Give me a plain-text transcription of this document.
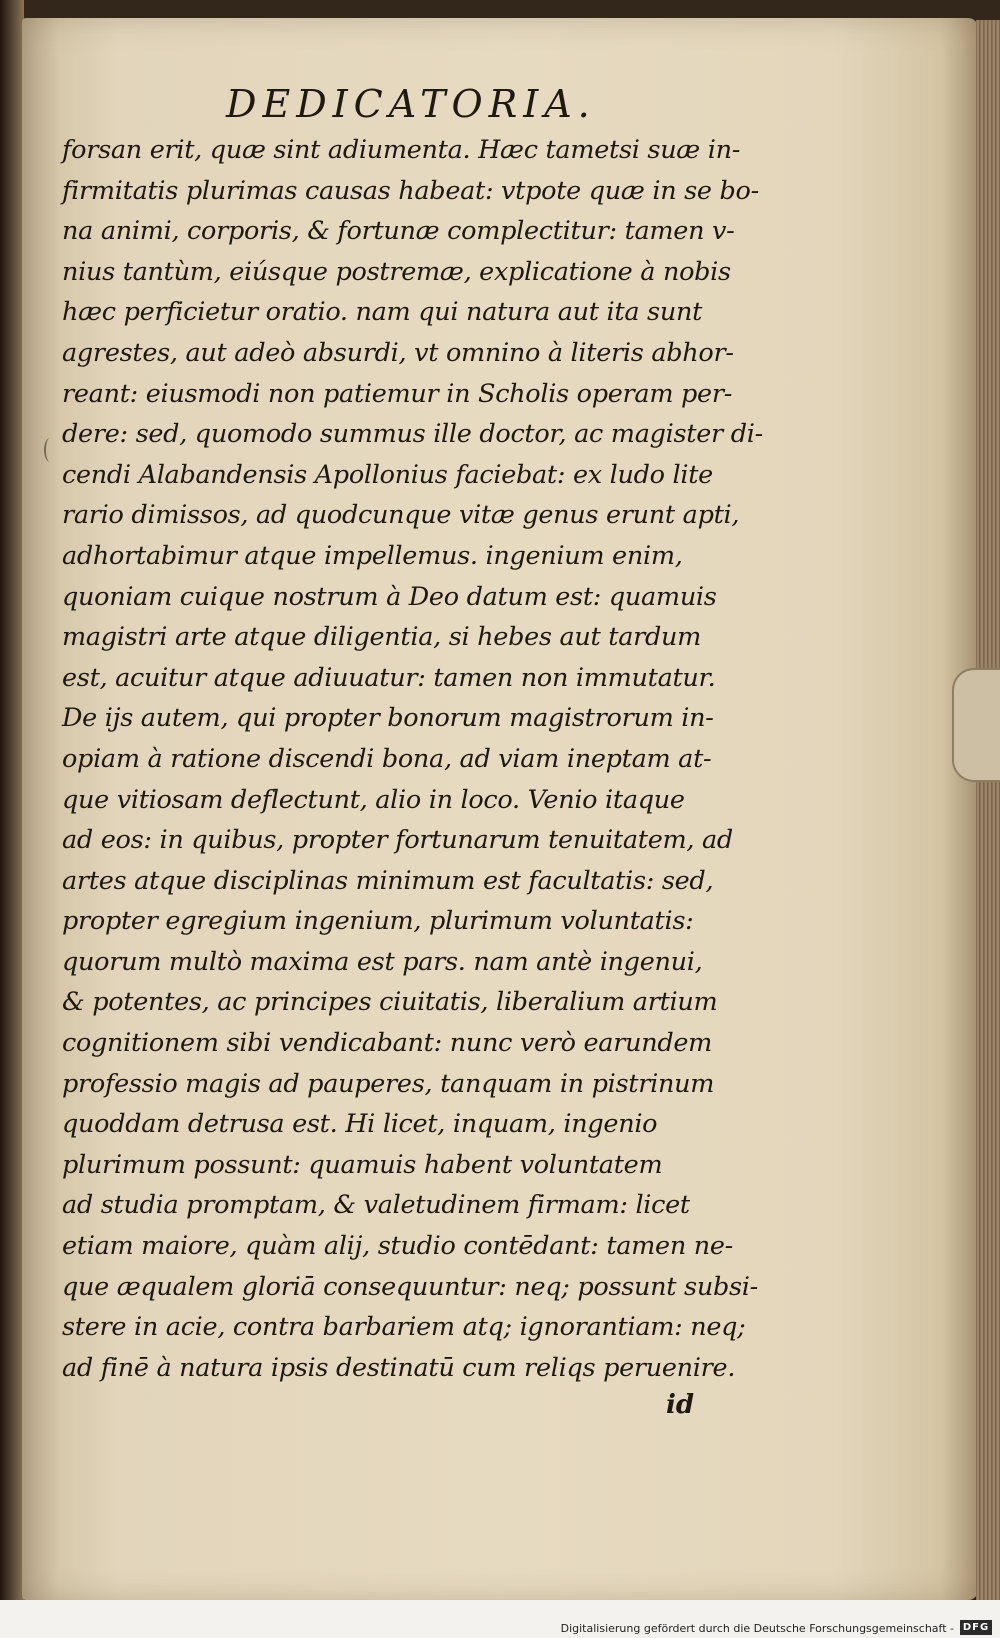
DEDICATORIA.
forsan erit, quæ sint adiumenta. Hæc tametsi suæ in-
firmitatis plurimas causas habeat: vtpote quæ in se bo-
na animi, corporis, & fortunæ complectitur: tamen v-
nius tantùm, eiúsque postremæ, explicatione à nobis
hæc perficietur oratio. nam qui natura aut ita sunt
agrestes, aut adeò absurdi, vt omnino à literis abhor-
reant: eiusmodi non patiemur in Scholis operam per-
dere: sed, quomodo summus ille doctor, ac magister di-
cendi Alabandensis Apollonius faciebat: ex ludo lite
rario dimissos, ad quodcunque vitæ genus erunt apti,
adhortabimur atque impellemus. ingenium enim,
quoniam cuique nostrum à Deo datum est: quamuis
magistri arte atque diligentia, si hebes aut tardum
est, acuitur atque adiuuatur: tamen non immutatur.
De ijs autem, qui propter bonorum magistrorum in-
opiam à ratione discendi bona, ad viam ineptam at-
que vitiosam deflectunt, alio in loco. Venio itaque
ad eos: in quibus, propter fortunarum tenuitatem, ad
artes atque disciplinas minimum est facultatis: sed,
propter egregium ingenium, plurimum voluntatis:
quorum multò maxima est pars. nam antè ingenui,
& potentes, ac principes ciuitatis, liberalium artium
cognitionem sibi vendicabant: nunc verò earundem
professio magis ad pauperes, tanquam in pistrinum
quoddam detrusa est. Hi licet, inquam, ingenio
plurimum possunt: quamuis habent voluntatem
ad studia promptam, & valetudinem firmam: licet
etiam maiore, quàm alij, studio contēdant: tamen ne-
que æqualem gloriā consequuntur: neq; possunt subsi-
stere in acie, contra barbariem atq; ignorantiam: neq;
ad finē à natura ipsis destinatū cum reliqs peruenire.
id
Digitalisierung gefördert durch die Deutsche Forschungsgemeinschaft - DFG
